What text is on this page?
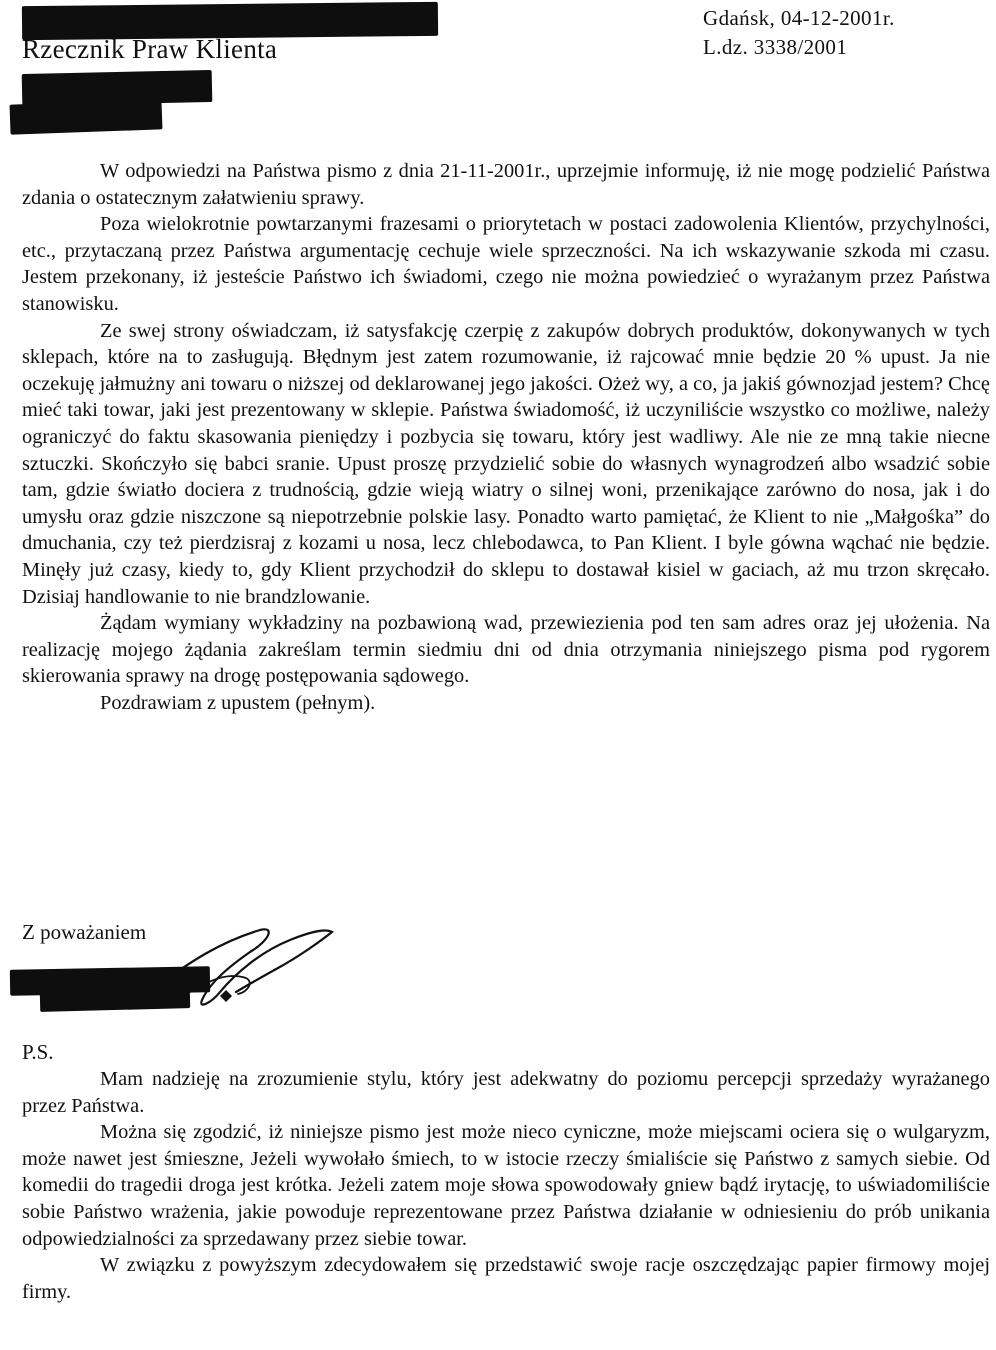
Rzecznik Praw Klienta
Gdańsk, 04-12-2001r.
L.dz. 3338/2001

W odpowiedzi na Państwa pismo z dnia 21-11-2001r., uprzejmie informuję, iż nie mogę podzielić Państwa zdania o ostatecznym załatwieniu sprawy.

Poza wielokrotnie powtarzanymi frazesami o priorytetach w postaci zadowolenia Klientów, przychylności, etc., przytaczaną przez Państwa argumentację cechuje wiele sprzeczności. Na ich wskazywanie szkoda mi czasu. Jestem przekonany, iż jesteście Państwo ich świadomi, czego nie można powiedzieć o wyrażanym przez Państwa stanowisku.

Ze swej strony oświadczam, iż satysfakcję czerpię z zakupów dobrych produktów, dokonywanych w tych sklepach, które na to zasługują. Błędnym jest zatem rozumowanie, iż rajcować mnie będzie 20 % upust. Ja nie oczekuję jałmużny ani towaru o niższej od deklarowanej jego jakości. Ożeż wy, a co, ja jakiś gównozjad jestem? Chcę mieć taki towar, jaki jest prezentowany w sklepie. Państwa świadomość, iż uczyniliście wszystko co możliwe, należy ograniczyć do faktu skasowania pieniędzy i pozbycia się towaru, który jest wadliwy. Ale nie ze mną takie niecne sztuczki. Skończyło się babci sranie. Upust proszę przydzielić sobie do własnych wynagrodzeń albo wsadzić sobie tam, gdzie światło dociera z trudnością, gdzie wieją wiatry o silnej woni, przenikające zarówno do nosa, jak i do umysłu oraz gdzie niszczone są niepotrzebnie polskie lasy. Ponadto warto pamiętać, że Klient to nie „Małgośka” do dmuchania, czy też pierdzisraj z kozami u nosa, lecz chlebodawca, to Pan Klient. I byle gówna wąchać nie będzie. Minęły już czasy, kiedy to, gdy Klient przychodził do sklepu to dostawał kisiel w gaciach, aż mu trzon skręcało. Dzisiaj handlowanie to nie brandzlowanie.

Żądam wymiany wykładziny na pozbawioną wad, przewiezienia pod ten sam adres oraz jej ułożenia. Na realizację mojego żądania zakreślam termin siedmiu dni od dnia otrzymania niniejszego pisma pod rygorem skierowania sprawy na drogę postępowania sądowego.

Pozdrawiam z upustem (pełnym).

Z poważaniem
P.S.

Mam nadzieję na zrozumienie stylu, który jest adekwatny do poziomu percepcji sprzedaży wyrażanego przez Państwa.

Można się zgodzić, iż niniejsze pismo jest może nieco cyniczne, może miejscami ociera się o wulgaryzm, może nawet jest śmieszne, Jeżeli wywołało śmiech, to w istocie rzeczy śmialiście się Państwo z samych siebie. Od komedii do tragedii droga jest krótka. Jeżeli zatem moje słowa spowodowały gniew bądź irytację, to uświadomiliście sobie Państwo wrażenia, jakie powoduje reprezentowane przez Państwa działanie w odniesieniu do prób unikania odpowiedzialności za sprzedawany przez siebie towar.

W związku z powyższym zdecydowałem się przedstawić swoje racje oszczędzając papier firmowy mojej firmy.
